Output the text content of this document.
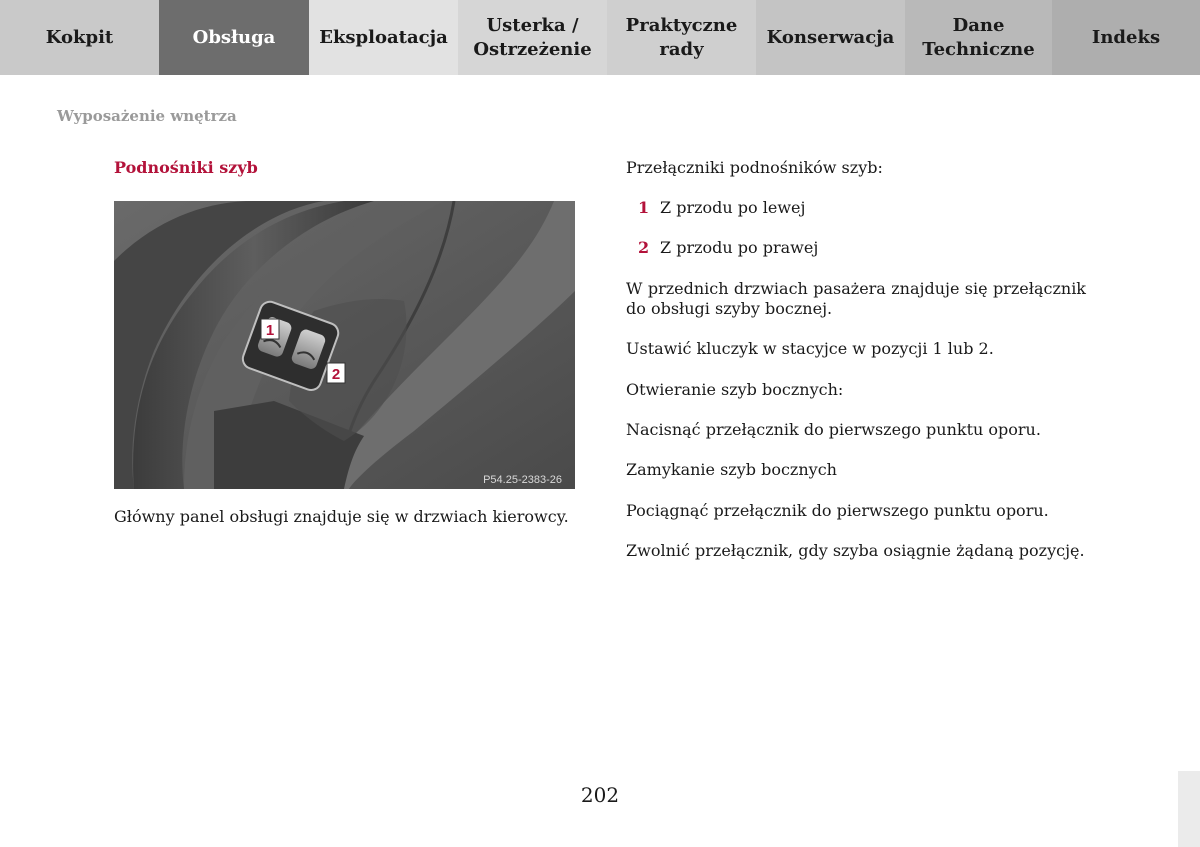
Kokpit	Obsługa Eksploatacja
Usterka /
Ostrzeżenie
Praktyczne
rady
Konserwacja
Dane
Techniczne
Indeks
Wyposażenie wnętrza
Podnośniki szyb
1
2
P54.25-2383-26
Główny panel obsługi znajduje się w drzwiach kierowcy.

Przełączniki podnośników szyb:

1 Z przodu po lewej
2 Z przodu po prawej

W przednich drzwiach pasażera znajduje się przełącznik do obsługi szyby bocznej.

Ustawić kluczyk w stacyjce w pozycji 1 lub 2.

Otwieranie szyb bocznych:

Nacisnąć przełącznik do pierwszego punktu oporu.

Zamykanie szyb bocznych

Pociągnąć przełącznik do pierwszego punktu oporu.

Zwolnić przełącznik, gdy szyba osiągnie żądaną pozycję.

202
